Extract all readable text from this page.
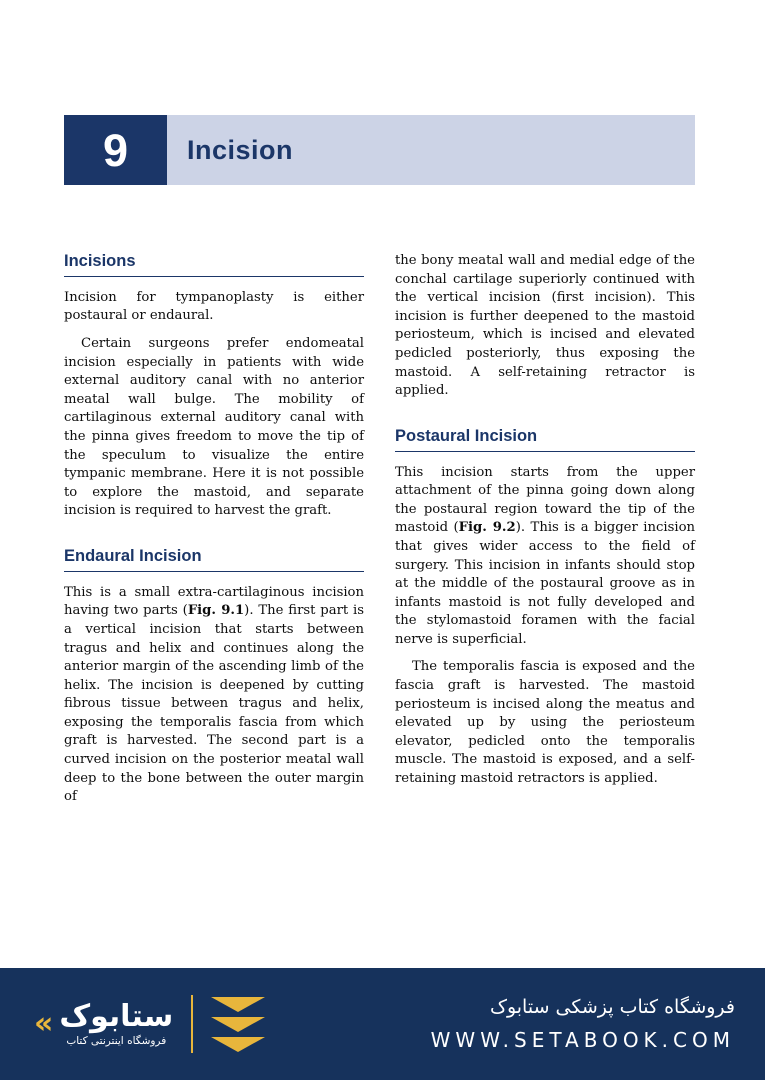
9 Incision
Incisions

Incision for tympanoplasty is either postaural or endaural.

Certain surgeons prefer endomeatal incision especially in patients with wide external auditory canal with no anterior meatal wall bulge. The mobility of cartilaginous external auditory canal with the pinna gives freedom to move the tip of the speculum to visualize the entire tympanic membrane. Here it is not possible to explore the mastoid, and separate incision is required to harvest the graft.

Endaural Incision

This is a small extra-cartilaginous incision having two parts (Fig. 9.1). The first part is a vertical incision that starts between tragus and helix and continues along the anterior margin of the ascending limb of the helix. The incision is deepened by cutting fibrous tissue between tragus and helix, exposing the temporalis fascia from which graft is harvested. The second part is a curved incision on the posterior meatal wall deep to the bone between the outer margin of

the bony meatal wall and medial edge of the conchal cartilage superiorly continued with the vertical incision (first incision). This incision is further deepened to the mastoid periosteum, which is incised and elevated pedicled posteriorly, thus exposing the mastoid. A self-retaining retractor is applied.

Postaural Incision

This incision starts from the upper attachment of the pinna going down along the postaural region toward the tip of the mastoid (Fig. 9.2). This is a bigger incision that gives wider access to the field of surgery. This incision in infants should stop at the middle of the postaural groove as in infants mastoid is not fully developed and the stylomastoid foramen with the facial nerve is superficial.

The temporalis fascia is exposed and the fascia graft is harvested. The mastoid periosteum is incised along the meatus and elevated up by using the periosteum elevator, pedicled onto the temporalis muscle. The mastoid is exposed, and a self-retaining mastoid retractors is applied.

« ستابوک
فروشگاه اینترنتی کتاب
فروشگاه کتاب پزشکی ستابوک
WWW.SETABOOK.COM
